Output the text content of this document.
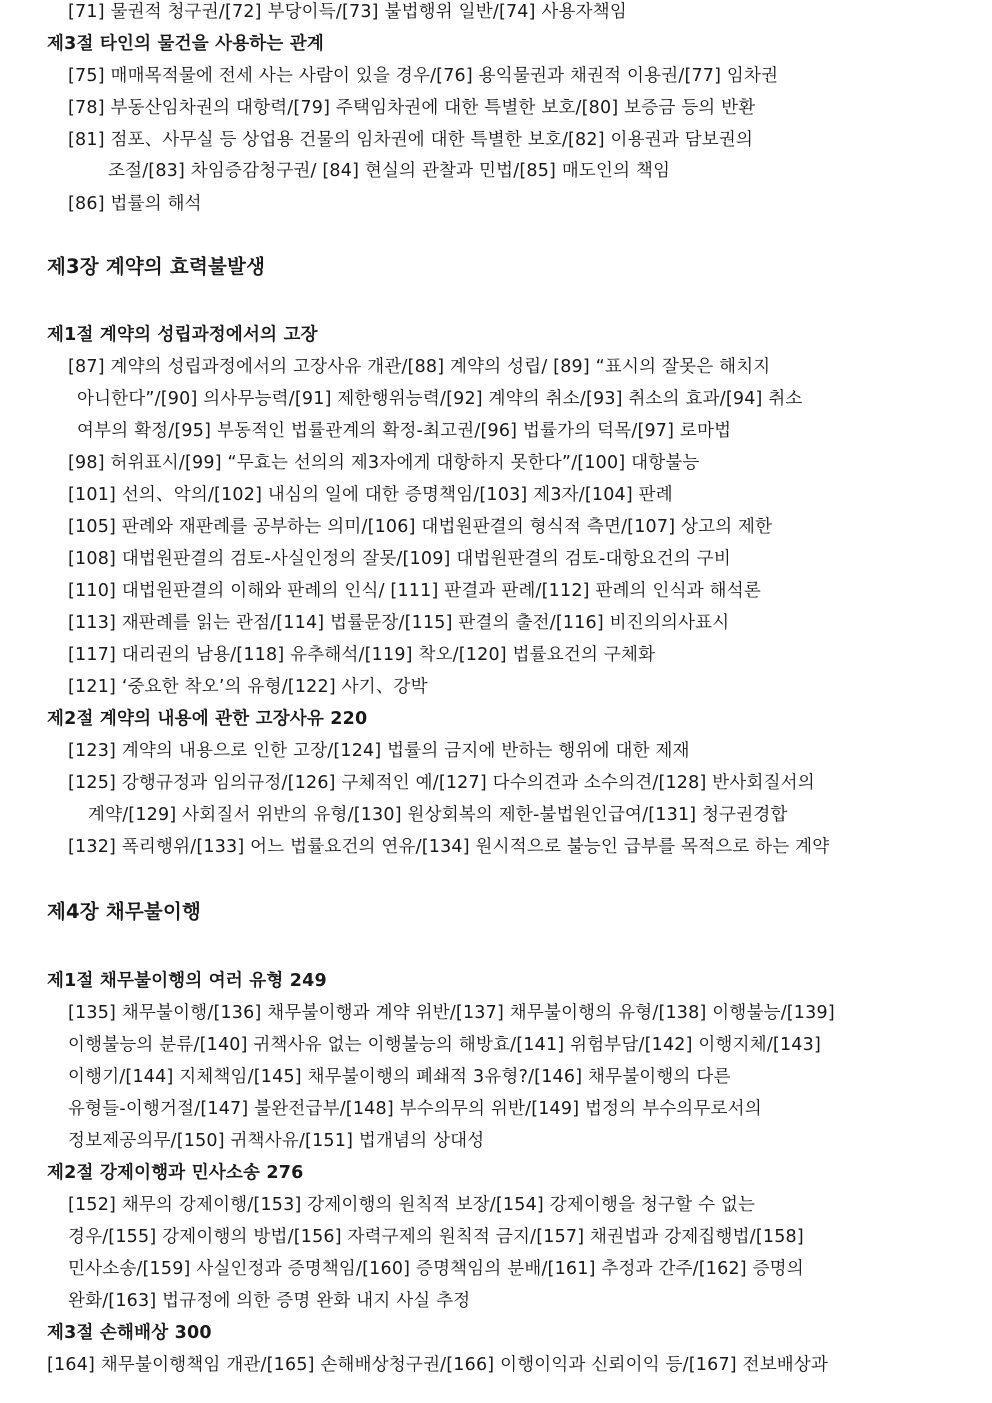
[71] 물권적 청구권/[72] 부당이득/[73] 불법행위 일반/[74] 사용자책임
제3절 타인의 물건을 사용하는 관계
[75] 매매목적물에 전세 사는 사람이 있을 경우/[76] 용익물권과 채권적 이용권/[77] 임차권
[78] 부동산임차권의 대항력/[79] 주택임차권에 대한 특별한 보호/[80] 보증금 등의 반환
[81] 점포、사무실 등 상업용 건물의 임차권에 대한 특별한 보호/[82] 이용권과 담보권의
조절/[83] 차임증감청구권/ [84] 현실의 관찰과 민법/[85] 매도인의 책임
[86] 법률의 해석
제3장 계약의 효력불발생
제1절 계약의 성립과정에서의 고장
[87] 계약의 성립과정에서의 고장사유 개관/[88] 계약의 성립/ [89] “표시의 잘못은 해치지
아니한다”/[90] 의사무능력/[91] 제한행위능력/[92] 계약의 취소/[93] 취소의 효과/[94] 취소
여부의 확정/[95] 부동적인 법률관계의 확정-최고권/[96] 법률가의 덕목/[97] 로마법
[98] 허위표시/[99] “무효는 선의의 제3자에게 대항하지 못한다”/[100] 대항불능
[101] 선의、악의/[102] 내심의 일에 대한 증명책임/[103] 제3자/[104] 판례
[105] 판례와 재판례를 공부하는 의미/[106] 대법원판결의 형식적 측면/[107] 상고의 제한
[108] 대법원판결의 검토-사실인정의 잘못/[109] 대법원판결의 검토-대항요건의 구비
[110] 대법원판결의 이해와 판례의 인식/ [111] 판결과 판례/[112] 판례의 인식과 해석론
[113] 재판례를 읽는 관점/[114] 법률문장/[115] 판결의 출전/[116] 비진의의사표시
[117] 대리권의 남용/[118] 유추해석/[119] 착오/[120] 법률요건의 구체화
[121] ‘중요한 착오’의 유형/[122] 사기、강박
제2절 계약의 내용에 관한 고장사유 220
[123] 계약의 내용으로 인한 고장/[124] 법률의 금지에 반하는 행위에 대한 제재
[125] 강행규정과 임의규정/[126] 구체적인 예/[127] 다수의견과 소수의견/[128] 반사회질서의
계약/[129] 사회질서 위반의 유형/[130] 원상회복의 제한-불법원인급여/[131] 청구권경합
[132] 폭리행위/[133] 어느 법률요건의 연유/[134] 원시적으로 불능인 급부를 목적으로 하는 계약
제4장 채무불이행
제1절 채무불이행의 여러 유형 249
[135] 채무불이행/[136] 채무불이행과 계약 위반/[137] 채무불이행의 유형/[138] 이행불능/[139]
이행불능의 분류/[140] 귀책사유 없는 이행불능의 해방효/[141] 위험부담/[142] 이행지체/[143]
이행기/[144] 지체책임/[145] 채무불이행의 폐쇄적 3유형?/[146] 채무불이행의 다른
유형들-이행거절/[147] 불완전급부/[148] 부수의무의 위반/[149] 법정의 부수의무로서의
정보제공의무/[150] 귀책사유/[151] 법개념의 상대성
제2절 강제이행과 민사소송 276
[152] 채무의 강제이행/[153] 강제이행의 원칙적 보장/[154] 강제이행을 청구할 수 없는
경우/[155] 강제이행의 방법/[156] 자력구제의 원칙적 금지/[157] 채권법과 강제집행법/[158]
민사소송/[159] 사실인정과 증명책임/[160] 증명책임의 분배/[161] 추정과 간주/[162] 증명의
완화/[163] 법규정에 의한 증명 완화 내지 사실 추정
제3절 손해배상 300
[164] 채무불이행책임 개관/[165] 손해배상청구권/[166] 이행이익과 신뢰이익 등/[167] 전보배상과
